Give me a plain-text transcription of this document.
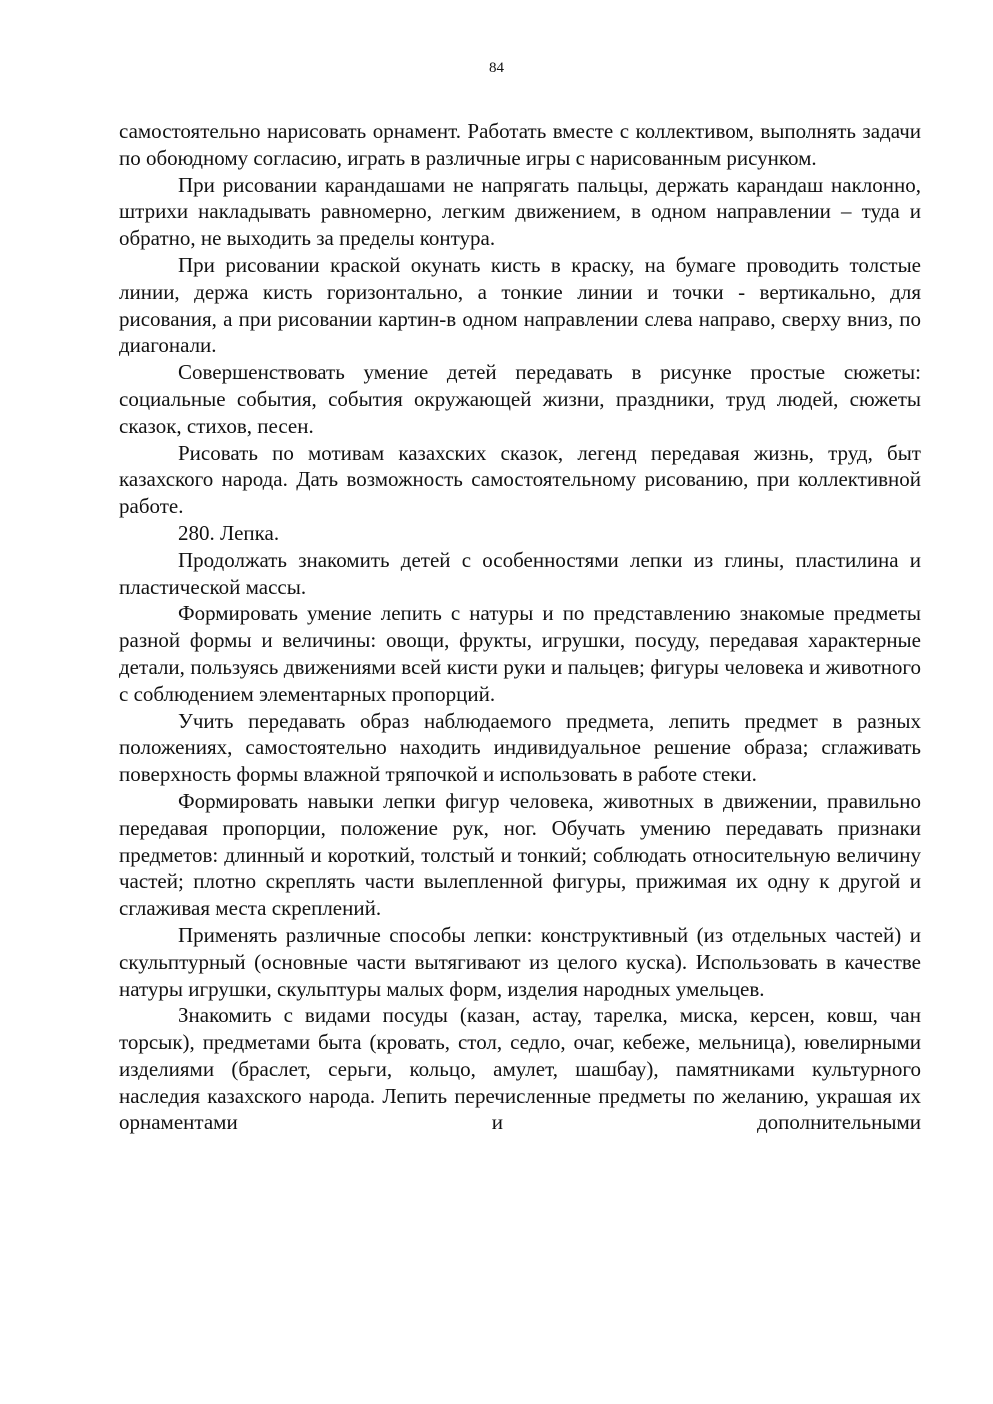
84

самостоятельно нарисовать орнамент. Работать вместе с коллективом, выполнять задачи по обоюдному согласию, играть в различные игры с нарисованным рисунком.

При рисовании карандашами не напрягать пальцы, держать карандаш наклонно, штрихи накладывать равномерно, легким движением, в одном направлении – туда и обратно, не выходить за пределы контура.

При рисовании краской окунать кисть в краску, на бумаге проводить толстые линии, держа кисть горизонтально, а тонкие линии и точки - вертикально, для рисования, а при рисовании картин-в одном направлении слева направо, сверху вниз, по диагонали.

Совершенствовать умение детей передавать в рисунке простые сюжеты: социальные события, события окружающей жизни, праздники, труд людей, сюжеты сказок, стихов, песен.

Рисовать по мотивам казахских сказок, легенд передавая жизнь, труд, быт казахского народа. Дать возможность самостоятельному рисованию, при коллективной работе.

280. Лепка.

Продолжать знакомить детей с особенностями лепки из глины, пластилина и пластической массы.

Формировать умение лепить с натуры и по представлению знакомые предметы разной формы и величины: овощи, фрукты, игрушки, посуду, передавая характерные детали, пользуясь движениями всей кисти руки и пальцев; фигуры человека и животного с соблюдением элементарных пропорций.

Учить передавать образ наблюдаемого предмета, лепить предмет в разных положениях, самостоятельно находить индивидуальное решение образа; сглаживать поверхность формы влажной тряпочкой и использовать в работе стеки.

Формировать навыки лепки фигур человека, животных в движении, правильно передавая пропорции, положение рук, ног. Обучать умению передавать признаки предметов: длинный и короткий, толстый и тонкий; соблюдать относительную величину частей; плотно скреплять части вылепленной фигуры, прижимая их одну к другой и сглаживая места скреплений.

Применять различные способы лепки: конструктивный (из отдельных частей) и скульптурный (основные части вытягивают из целого куска). Использовать в качестве натуры игрушки, скульптуры малых форм, изделия народных умельцев.

Знакомить с видами посуды (казан, астау, тарелка, миска, керсен, ковш, чан торсык), предметами быта (кровать, стол, седло, очаг, кебеже, мельница), ювелирными изделиями (браслет, серьги, кольцо, амулет, шашбау), памятниками культурного наследия казахского народа. Лепить перечисленные предметы по желанию, украшая их орнаментами и дополнительными
